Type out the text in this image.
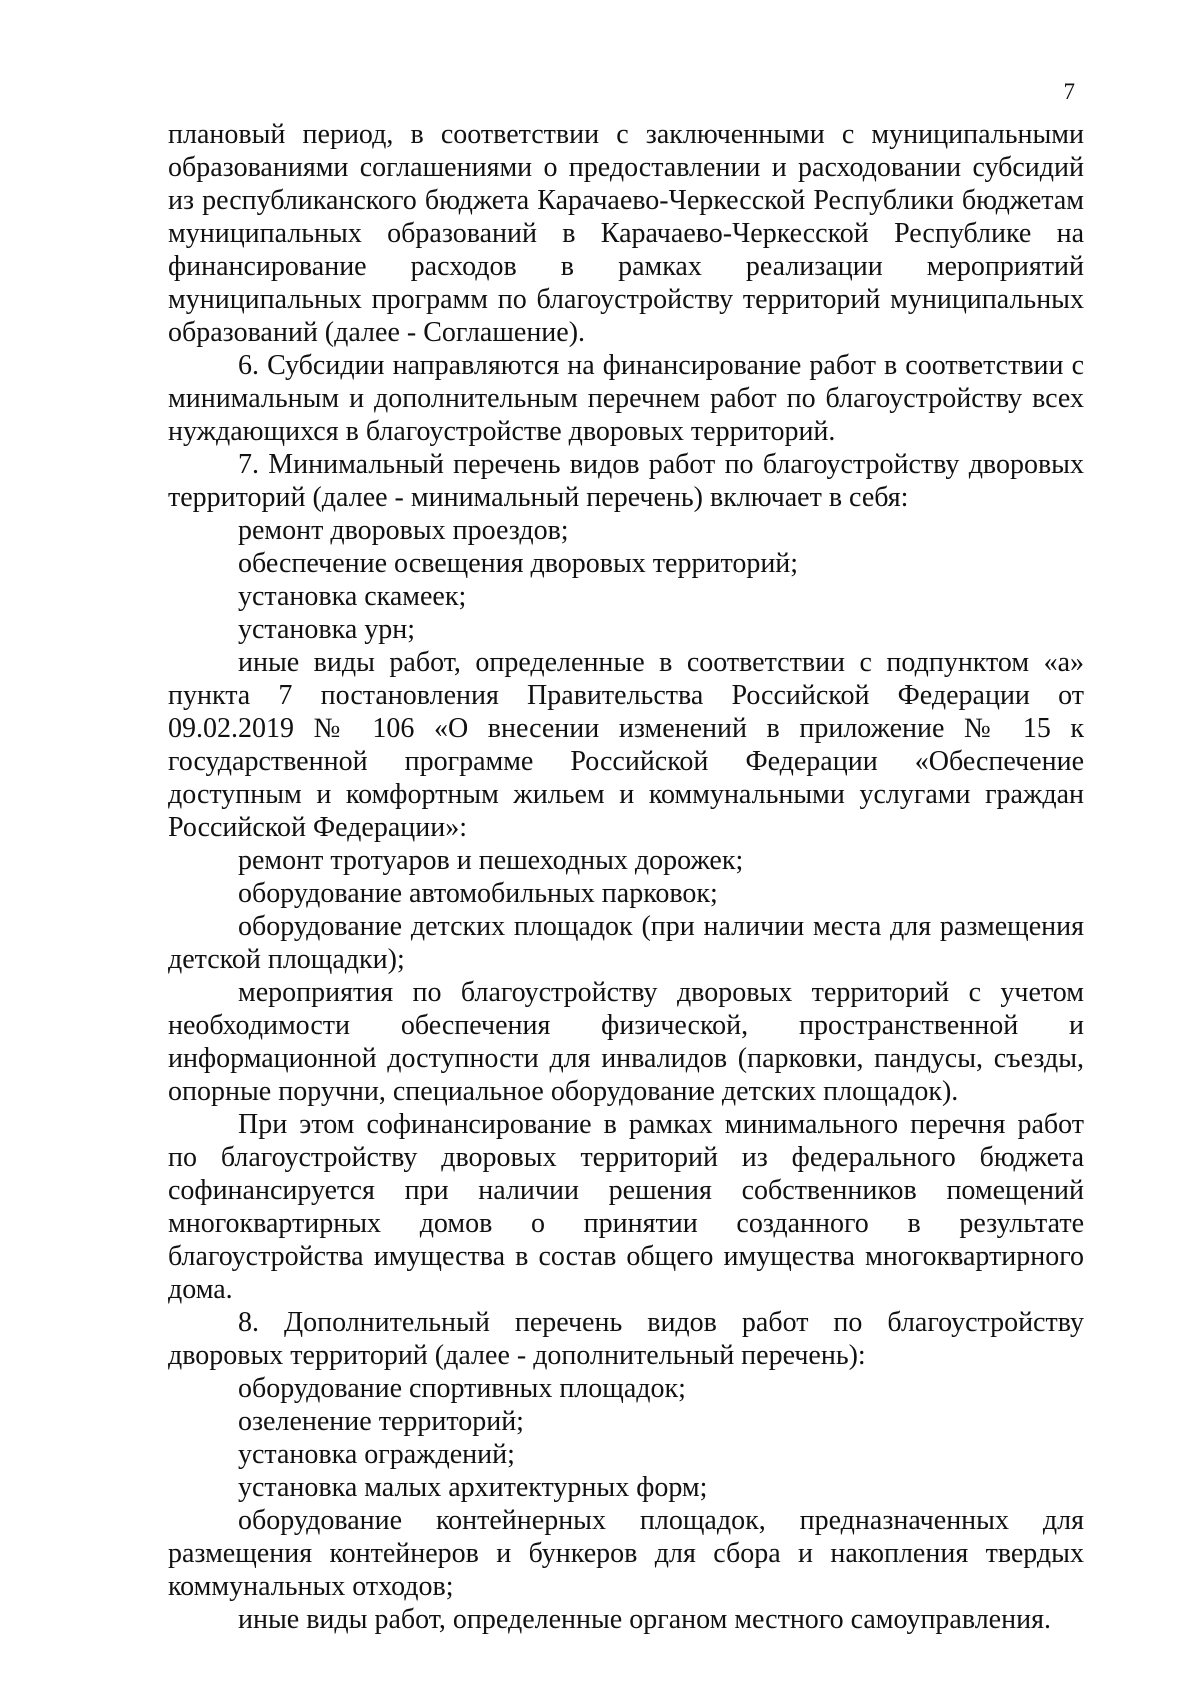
7

плановый период, в соответствии с заключенными с муниципальными образованиями соглашениями о предоставлении и расходовании субсидий из республиканского бюджета Карачаево-Черкесской Республики бюджетам муниципальных образований в Карачаево-Черкесской Республике на финансирование расходов в рамках реализации мероприятий муниципальных программ по благоустройству территорий муниципальных образований (далее - Соглашение).

6. Субсидии направляются на финансирование работ в соответствии с минимальным и дополнительным перечнем работ по благоустройству всех нуждающихся в благоустройстве дворовых территорий.

7. Минимальный перечень видов работ по благоустройству дворовых территорий (далее - минимальный перечень) включает в себя:

ремонт дворовых проездов;

обеспечение освещения дворовых территорий;

установка скамеек;

установка урн;

иные виды работ, определенные в соответствии с подпунктом «а» пункта 7 постановления Правительства Российской Федерации от 09.02.2019 № 106 «О внесении изменений в приложение № 15 к государственной программе Российской Федерации «Обеспечение доступным и комфортным жильем и коммунальными услугами граждан Российской Федерации»:

ремонт тротуаров и пешеходных дорожек;

оборудование автомобильных парковок;

оборудование детских площадок (при наличии места для размещения детской площадки);

мероприятия по благоустройству дворовых территорий с учетом необходимости обеспечения физической, пространственной и информационной доступности для инвалидов (парковки, пандусы, съезды, опорные поручни, специальное оборудование детских площадок).

При этом софинансирование в рамках минимального перечня работ по благоустройству дворовых территорий из федерального бюджета софинансируется при наличии решения собственников помещений многоквартирных домов о принятии созданного в результате благоустройства имущества в состав общего имущества многоквартирного дома.

8. Дополнительный перечень видов работ по благоустройству дворовых территорий (далее - дополнительный перечень):

оборудование спортивных площадок;

озеленение территорий;

установка ограждений;

установка малых архитектурных форм;

оборудование контейнерных площадок, предназначенных для размещения контейнеров и бункеров для сбора и накопления твердых коммунальных отходов;

иные виды работ, определенные органом местного самоуправления.
